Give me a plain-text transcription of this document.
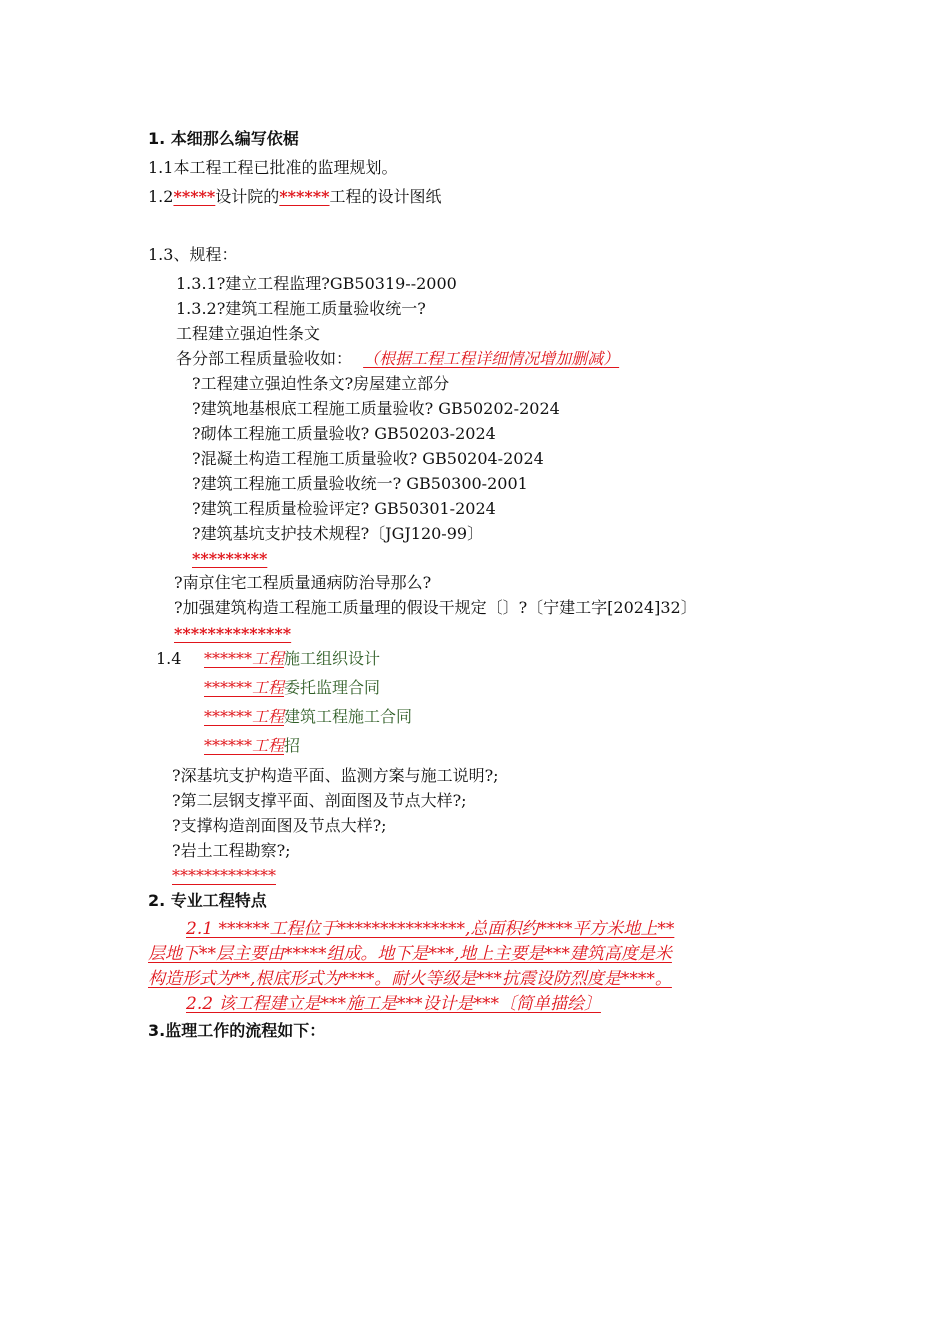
1. 本细那么编写依椐
1.1本工程工程已批准的监理规划。
1.2*****设计院的******工程的设计图纸
1.3、规程：
1.3.1?建立工程监理?GB50319--2000
1.3.2?建筑工程施工质量验收统一?
工程建立强迫性条文
各分部工程质量验收如： （根据工程工程详细情况增加删减）
?工程建立强迫性条文?房屋建立部分
?建筑地基根底工程施工质量验收? GB50202-2024
?砌体工程施工质量验收? GB50203-2024
?混凝土构造工程施工质量验收? GB50204-2024
?建筑工程施工质量验收统一? GB50300-2001
?建筑工程质量检验评定? GB50301-2024
?建筑基坑支护技术规程?〔JGJ120-99〕
*********
?南京住宅工程质量通病防治导那么?
?加强建筑构造工程施工质量理的假设干规定〔〕?〔宁建工字[2024]32〕
**************
1.4 ******工程施工组织设计
******工程委托监理合同
******工程建筑工程施工合同
******工程招
?深基坑支护构造平面、监测方案与施工说明?;
?第二层钢支撑平面、剖面图及节点大样?;
?支撑构造剖面图及节点大样?;
?岩土工程勘察?;
*************
2. 专业工程特点
2.1 ******工程位于***************,总面积约****平方米地上**
层地下**层主要由*****组成。地下是***,地上主要是***建筑高度是米
构造形式为**,根底形式为****。耐火等级是***抗震设防烈度是****。
2.2 该工程建立是***施工是***设计是***〔简单描绘〕
3.监理工作的流程如下：
